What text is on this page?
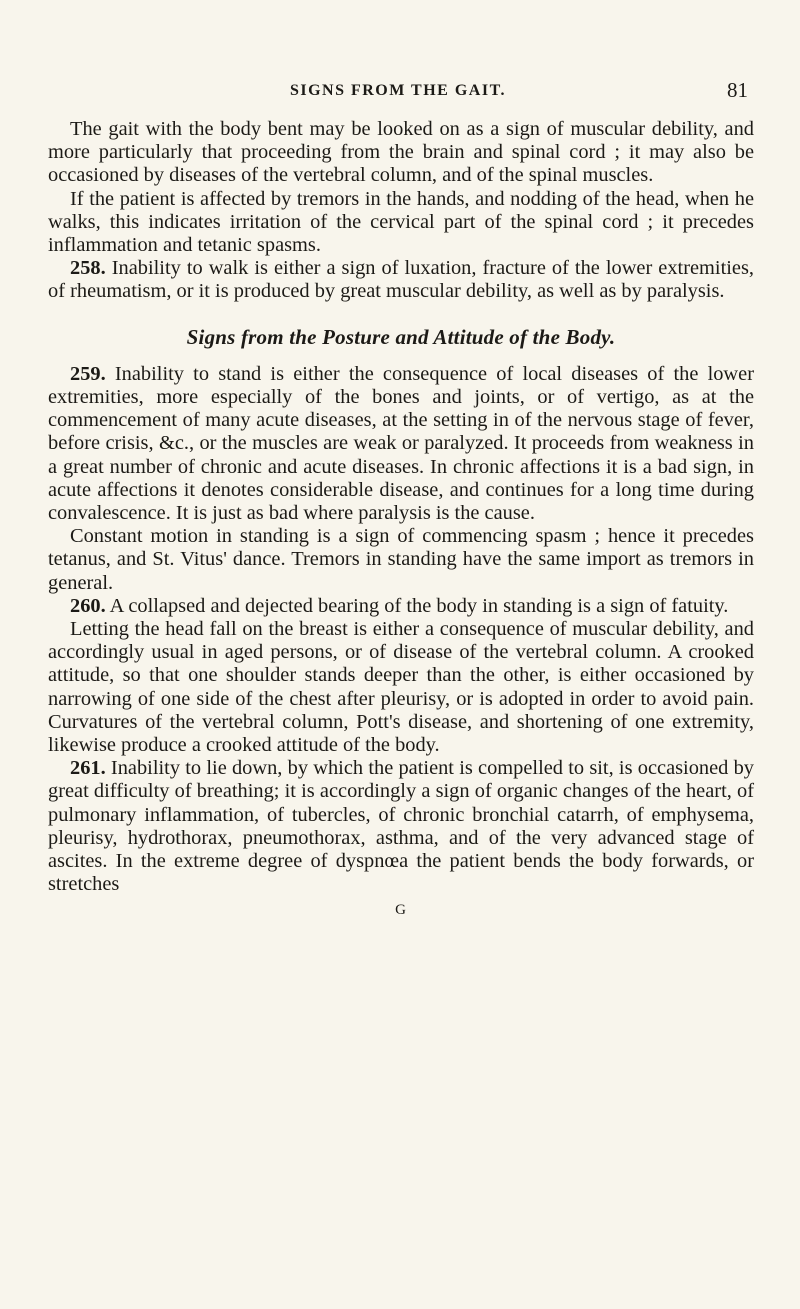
SIGNS FROM THE GAIT.	81

The gait with the body bent may be looked on as a sign of muscular debility, and more particularly that proceeding from the brain and spinal cord ; it may also be occasioned by diseases of the vertebral column, and of the spinal muscles.

If the patient is affected by tremors in the hands, and nodding of the head, when he walks, this indicates irritation of the cervical part of the spinal cord ; it precedes inflammation and tetanic spasms.

258. Inability to walk is either a sign of luxation, fracture of the lower extremities, of rheumatism, or it is produced by great muscular debility, as well as by paralysis.

Signs from the Posture and Attitude of the Body.

259. Inability to stand is either the consequence of local diseases of the lower extremities, more especially of the bones and joints, or of vertigo, as at the commencement of many acute diseases, at the setting in of the nervous stage of fever, before crisis, &c., or the muscles are weak or paralyzed. It proceeds from weakness in a great number of chronic and acute diseases. In chronic affections it is a bad sign, in acute affections it denotes considerable disease, and continues for a long time during convalescence. It is just as bad where paralysis is the cause.

Constant motion in standing is a sign of commencing spasm ; hence it precedes tetanus, and St. Vitus' dance. Tremors in standing have the same import as tremors in general.

260. A collapsed and dejected bearing of the body in standing is a sign of fatuity.

Letting the head fall on the breast is either a consequence of muscular debility, and accordingly usual in aged persons, or of disease of the vertebral column. A crooked attitude, so that one shoulder stands deeper than the other, is either occasioned by narrowing of one side of the chest after pleurisy, or is adopted in order to avoid pain. Curvatures of the vertebral column, Pott's disease, and shortening of one extremity, likewise produce a crooked attitude of the body.

261. Inability to lie down, by which the patient is compelled to sit, is occasioned by great difficulty of breathing; it is accordingly a sign of organic changes of the heart, of pulmonary inflammation, of tubercles, of chronic bronchial catarrh, of emphysema, pleurisy, hydrothorax, pneumothorax, asthma, and of the very advanced stage of ascites. In the extreme degree of dyspnœa the patient bends the body forwards, or stretches

G
